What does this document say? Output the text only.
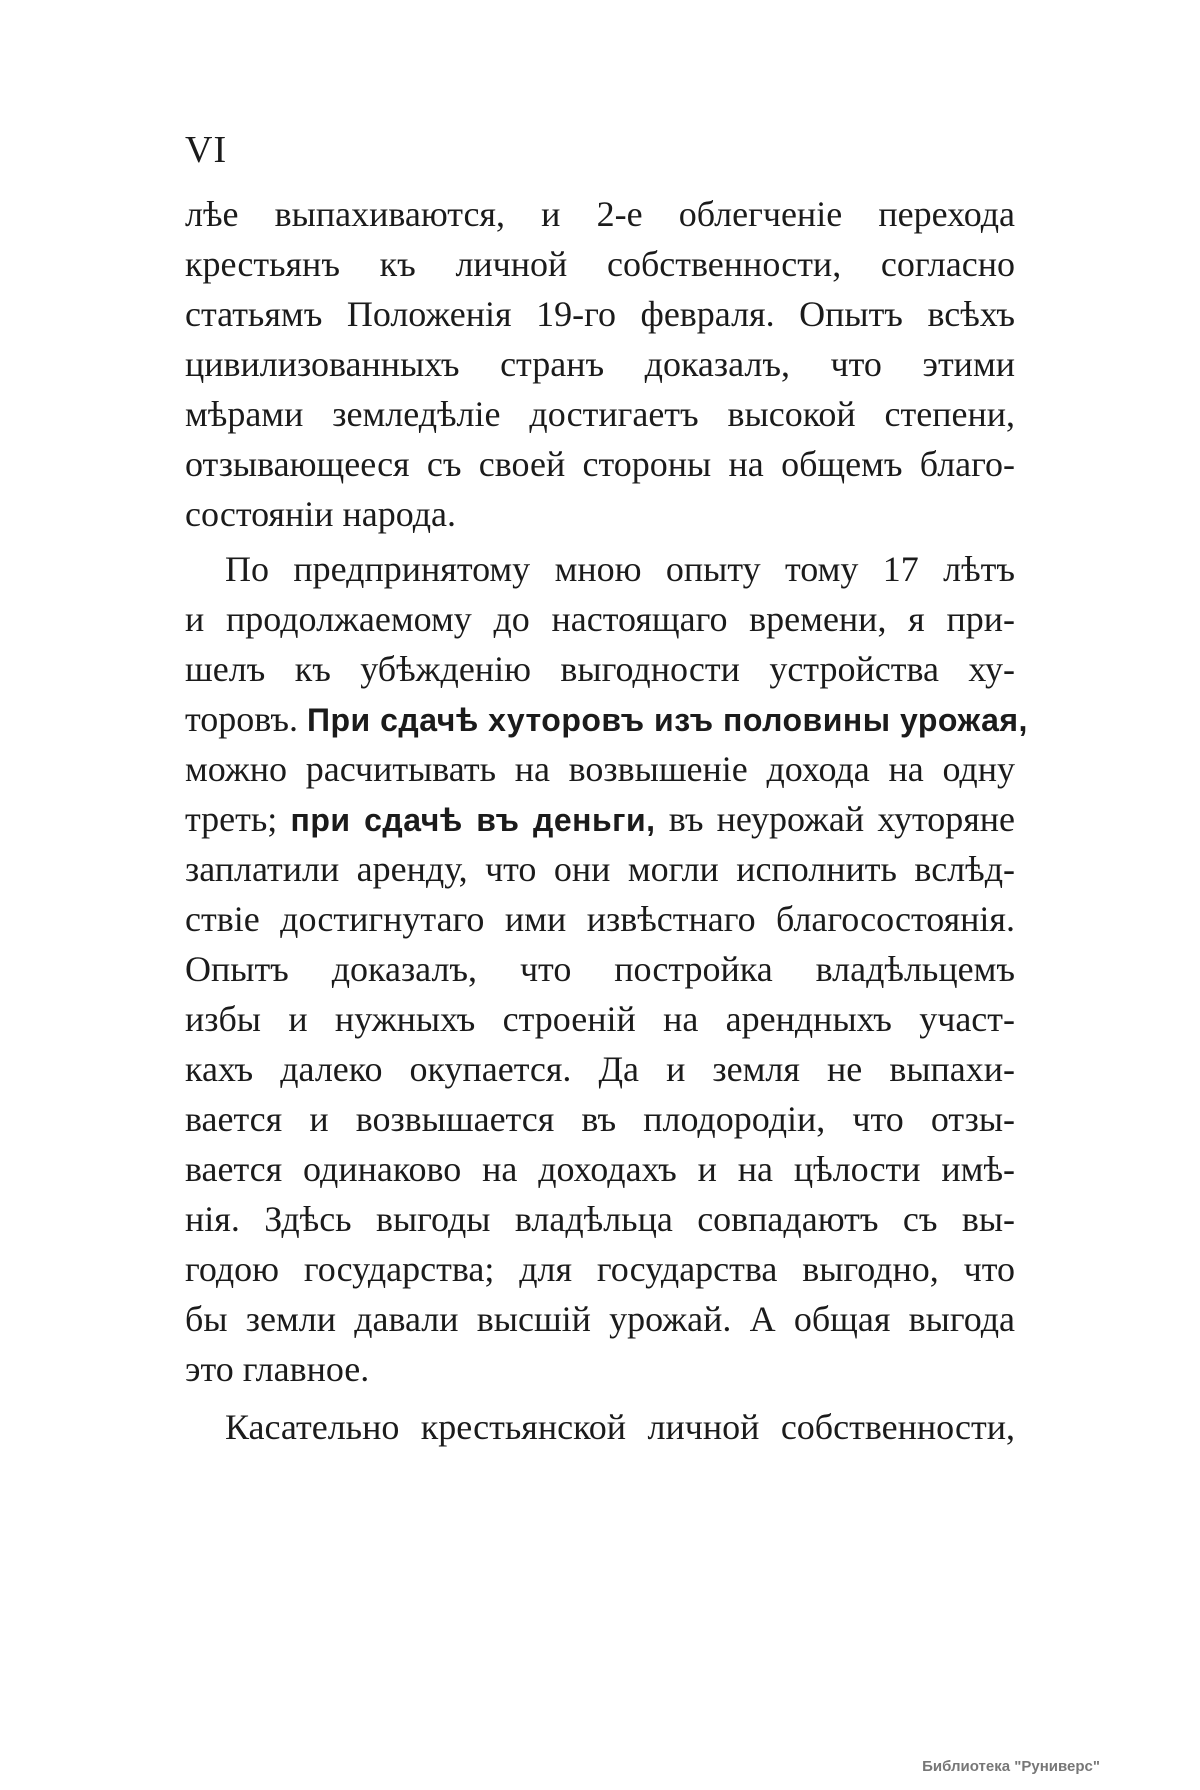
VI
лѣе выпахиваются, и 2-е облегченіе перехода
крестьянъ къ личной собственности, согласно
статьямъ Положенія 19-го февраля. Опытъ всѣхъ
цивилизованныхъ странъ доказалъ, что этими
мѣрами земледѣліе достигаетъ высокой степени,
отзывающееся съ своей стороны на общемъ благо-
состояніи народа.
По предпринятому мною опыту тому 17 лѣтъ
и продолжаемому до настоящаго времени, я при-
шелъ къ убѣжденію выгодности устройства ху-
торовъ. При сдачѣ хуторовъ изъ половины урожая,
можно расчитывать на возвышеніе дохода на одну
треть; при сдачѣ въ деньги, въ неурожай хуторяне
заплатили аренду, что они могли исполнить вслѣд-
ствіе достигнутаго ими извѣстнаго благосостоянія.
Опытъ доказалъ, что постройка владѣльцемъ
избы и нужныхъ строеній на арендныхъ участ-
кахъ далеко окупается. Да и земля не выпахи-
вается и возвышается въ плодородіи, что отзы-
вается одинаково на доходахъ и на цѣлости имѣ-
нія. Здѣсь выгоды владѣльца совпадаютъ съ вы-
годою государства; для государства выгодно, что
бы земли давали высшій урожай. А общая выгода
это главное.
Касательно крестьянской личной собственности,
Библиотека "Руниверс"
